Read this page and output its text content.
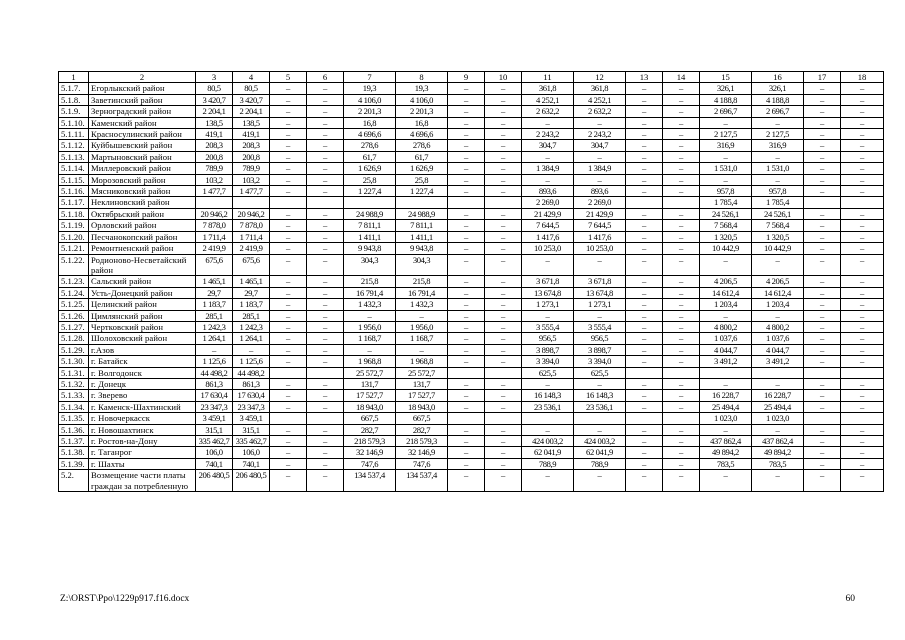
1	2	3	4	5	6	7	8	9	10	11	12	13	14	15	16	17	18
5.1.7.	Егорлыкский район	80,5	80,5	–	–	19,3	19,3	–	–	361,8	361,8	–	–	326,1	326,1	–	–
5.1.8.	Заветинский район	3 420,7	3 420,7	–	–	4 106,0	4 106,0	–	–	4 252,1	4 252,1	–	–	4 188,8	4 188,8	–	–
5.1.9.	Зерноградский район	2 204,1	2 204,1	–	–	2 201,3	2 201,3	–	–	2 632,2	2 632,2	–	–	2 696,7	2 696,7	–	–
5.1.10.	Каменский район	138,5	138,5	–	–	16,8	16,8	–	–	–	–	–	–	–	–	–	–
5.1.11.	Красносулинский район	419,1	419,1	–	–	4 696,6	4 696,6	–	–	2 243,2	2 243,2	–	–	2 127,5	2 127,5	–	–
5.1.12.	Куйбышевский район	208,3	208,3	–	–	278,6	278,6	–	–	304,7	304,7	–	–	316,9	316,9	–	–
5.1.13.	Мартыновский район	200,8	200,8	–	–	61,7	61,7	–	–	–	–	–	–	–	–	–	–
5.1.14.	Миллеровский район	789,9	789,9	–	–	1 626,9	1 626,9	–	–	1 384,9	1 384,9	–	–	1 531,0	1 531,0	–	–
5.1.15.	Морозовский район	103,2	103,2	–	–	25,8	25,8	–	–	–	–	–	–	–	–	–	–
5.1.16.	Мясниковский район	1 477,7	1 477,7	–	–	1 227,4	1 227,4	–	–	893,6	893,6	–	–	957,8	957,8	–	–
5.1.17.	Неклиновский район									2 269,0	2 269,0			1 785,4	1 785,4		
5.1.18.	Октябрьский район	20 946,2	20 946,2	–	–	24 988,9	24 988,9	–	–	21 429,9	21 429,9	–	–	24 526,1	24 526,1	–	–
5.1.19.	Орловский район	7 878,0	7 878,0	–	–	7 811,1	7 811,1	–	–	7 644,5	7 644,5	–	–	7 568,4	7 568,4	–	–
5.1.20.	Песчанокопский район	1 711,4	1 711,4	–	–	1 411,1	1 411,1	–	–	1 417,6	1 417,6	–	–	1 320,5	1 320,5	–	–
5.1.21.	Ремонтненский район	2 419,9	2 419,9	–	–	9 943,8	9 943,8	–	–	10 253,0	10 253,0	–	–	10 442,9	10 442,9	–	–
5.1.22.	Родионово-Несветайский район	675,6	675,6	–	–	304,3	304,3	–	–	–	–	–	–	–	–	–	–
5.1.23.	Сальский район	1 465,1	1 465,1	–	–	215,8	215,8	–	–	3 671,8	3 671,8	–	–	4 206,5	4 206,5	–	–
5.1.24.	Усть-Донецкий район	29,7	29,7	–	–	16 791,4	16 791,4	–	–	13 674,8	13 674,8	–	–	14 612,4	14 612,4	–	–
5.1.25.	Целинский район	1 183,7	1 183,7	–	–	1 432,3	1 432,3	–	–	1 273,1	1 273,1	–	–	1 203,4	1 203,4	–	–
5.1.26.	Цимлянский район	285,1	285,1	–	–	–	–	–	–	–	–	–	–	–	–	–	–
5.1.27.	Чертковский район	1 242,3	1 242,3	–	–	1 956,0	1 956,0	–	–	3 555,4	3 555,4	–	–	4 800,2	4 800,2	–	–
5.1.28.	Шолоховский район	1 264,1	1 264,1	–	–	1 168,7	1 168,7	–	–	956,5	956,5	–	–	1 037,6	1 037,6	–	–
5.1.29.	г.Азов	–	–	–	–	–	–	–	–	3 898,7	3 898,7	–	–	4 044,7	4 044,7	–	–
5.1.30.	г. Батайск	1 125,6	1 125,6	–	–	1 968,8	1 968,8	–	–	3 394,0	3 394,0	–	–	3 491,2	3 491,2	–	–
5.1.31.	г. Волгодонск	44 498,2	44 498,2			25 572,7	25 572,7			625,5	625,5						
5.1.32.	г. Донецк	861,3	861,3	–	–	131,7	131,7	–	–	–	–	–	–	–	–	–	–
5.1.33.	г. Зверево	17 630,4	17 630,4	–	–	17 527,7	17 527,7	–	–	16 148,3	16 148,3	–	–	16 228,7	16 228,7	–	–
5.1.34.	г. Каменск-Шахтинский	23 347,3	23 347,3	–	–	18 943,0	18 943,0	–	–	23 536,1	23 536,1	–	–	25 494,4	25 494,4	–	–
5.1.35.	г. Новочеркасск	3 459,1	3 459,1			667,5	667,5							1 023,0	1 023,0		
5.1.36.	г. Новошахтинск	315,1	315,1	–	–	282,7	282,7	–	–	–	–	–	–	–	–	–	–
5.1.37.	г. Ростов-на-Дону	335 462,7	335 462,7	–	–	218 579,3	218 579,3	–	–	424 003,2	424 003,2	–	–	437 862,4	437 862,4	–	–
5.1.38.	г. Таганрог	106,0	106,0	–	–	32 146,9	32 146,9	–	–	62 041,9	62 041,9	–	–	49 894,2	49 894,2	–	–
5.1.39.	г. Шахты	740,1	740,1	–	–	747,6	747,6	–	–	788,9	788,9	–	–	783,5	783,5	–	–
5.2.	Возмещение части платы граждан за потребленную	206 480,5	206 480,5	–	–	134 537,4	134 537,4	–	–	–	–	–	–	–	–	–	–
Z:\ORST\Ppo\1229p917.f16.docx	60
